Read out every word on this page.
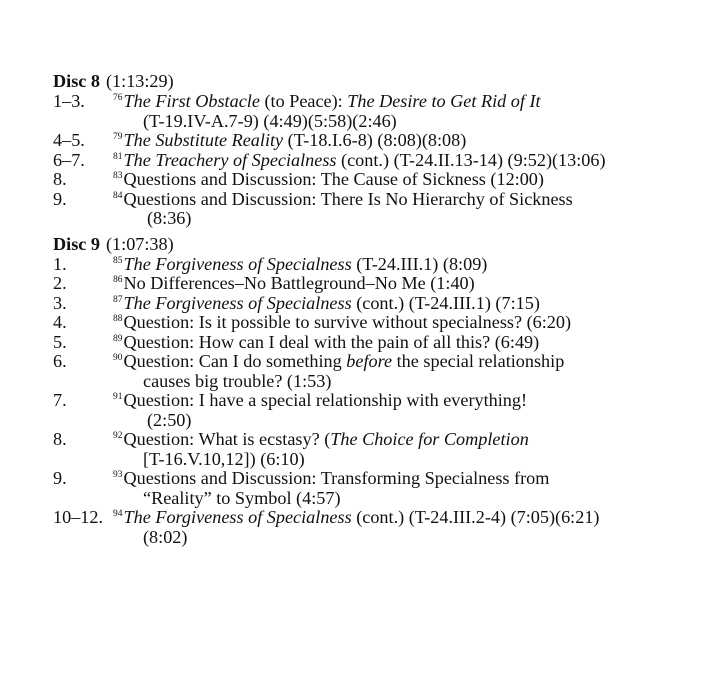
Disc 8 (1:13:29)
1–3.	$^{76}$The First Obstacle (to Peace): The Desire to Get Rid of It
(T-19.IV-A.7-9) (4:49)(5:58)(2:46)
4–5.	$^{79}$The Substitute Reality (T-18.I.6-8) (8:08)(8:08)
6–7.	$^{81}$The Treachery of Specialness (cont.) (T-24.II.13-14) (9:52)(13:06)
8.	$^{83}$Questions and Discussion: The Cause of Sickness (12:00)
9.	$^{84}$Questions and Discussion: There Is No Hierarchy of Sickness
(8:36)
Disc 9 (1:07:38)
1.	$^{85}$The Forgiveness of Specialness (T-24.III.1) (8:09)
2.	$^{86}$No Differences–No Battleground–No Me (1:40)
3.	$^{87}$The Forgiveness of Specialness (cont.) (T-24.III.1) (7:15)
4.	$^{88}$Question: Is it possible to survive without specialness? (6:20)
5.	$^{89}$Question: How can I deal with the pain of all this? (6:49)
6.	$^{90}$Question: Can I do something before the special relationship
causes big trouble? (1:53)
7.	$^{91}$Question: I have a special relationship with everything!
(2:50)
8.	$^{92}$Question: What is ecstasy? (The Choice for Completion
[T-16.V.10,12]) (6:10)
9.	$^{93}$Questions and Discussion: Transforming Specialness from
“Reality” to Symbol (4:57)
10–12. $^{94}$The Forgiveness of Specialness (cont.) (T-24.III.2-4) (7:05)(6:21)
(8:02)
